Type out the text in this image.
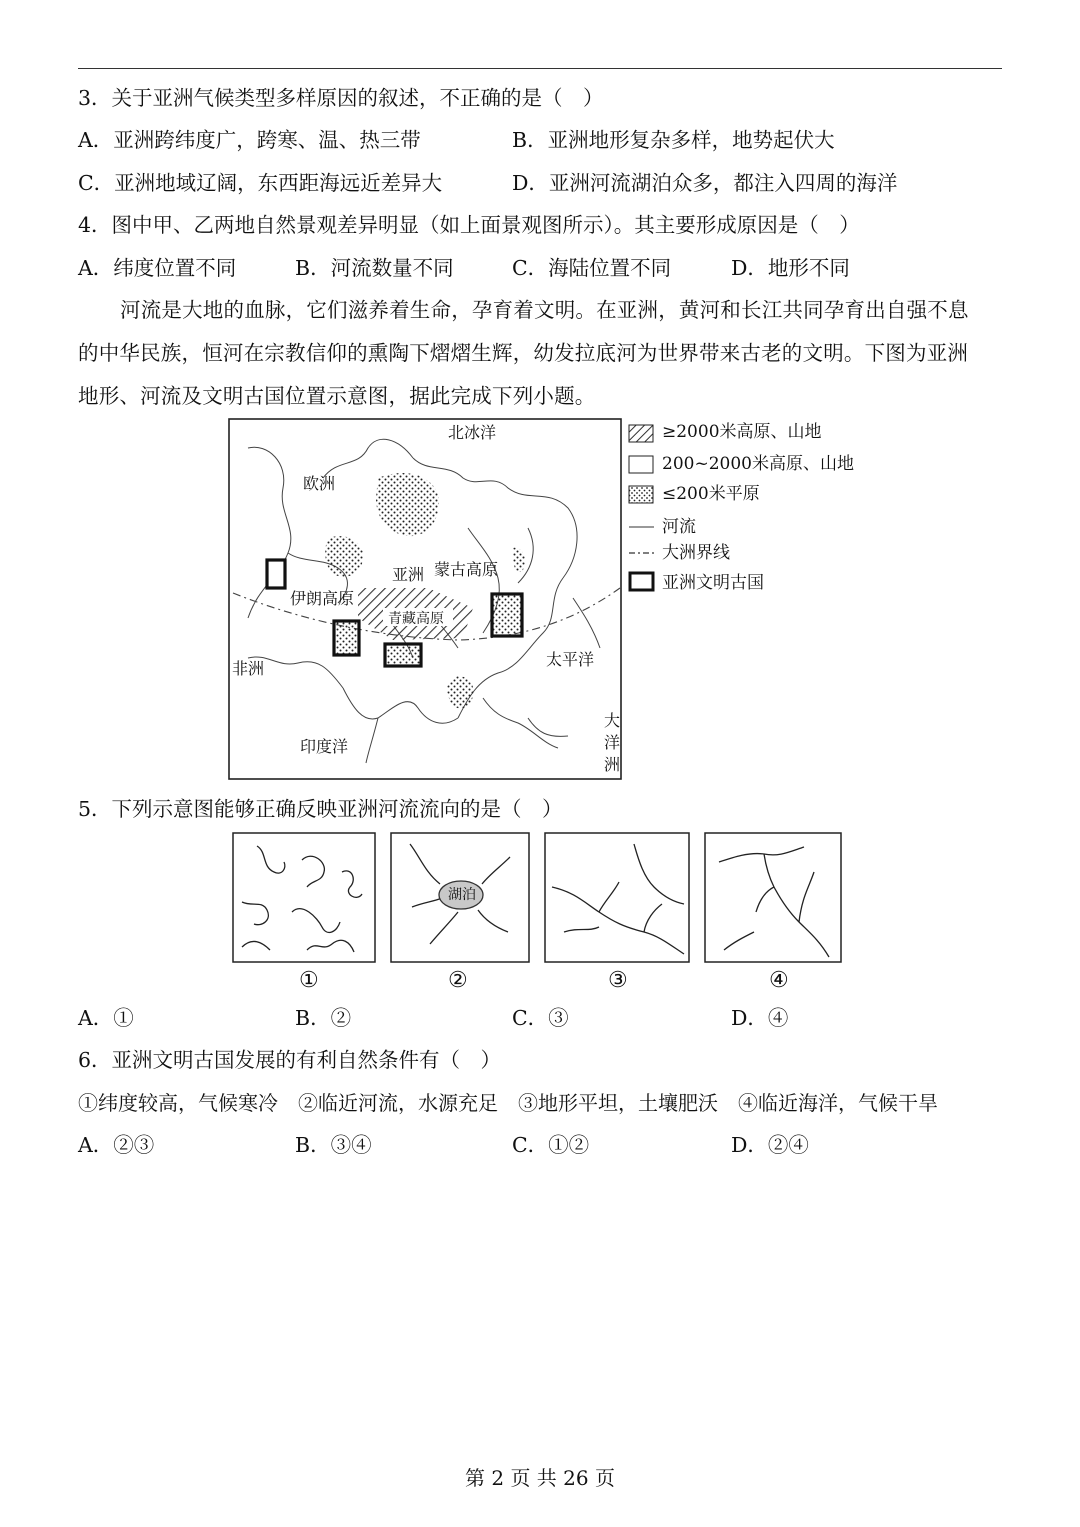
3．关于亚洲气候类型多样原因的叙述，不正确的是（　）
A．亚洲跨纬度广，跨寒、温、热三带	B．亚洲地形复杂多样，地势起伏大
C．亚洲地域辽阔，东西距海远近差异大	D．亚洲河流湖泊众多，都注入四周的海洋
4．图中甲、乙两地自然景观差异明显（如上面景观图所示）。其主要形成原因是（　）
A．纬度位置不同	B．河流数量不同	C．海陆位置不同	D．地形不同
河流是大地的血脉，它们滋养着生命，孕育着文明。在亚洲，黄河和长江共同孕育出自强不息
的中华民族，恒河在宗教信仰的熏陶下熠熠生辉，幼发拉底河为世界带来古老的文明。下图为亚洲
地形、河流及文明古国位置示意图，据此完成下列小题。
北冰洋
欧洲
亚洲 蒙古高原
伊朗高原
青藏高原
非洲	太平洋
印度洋
大
洋
洲
≥2000米高原、山地
200~2000米高原、山地
≤200米平原
河流
大洲界线
亚洲文明古国
5．下列示意图能够正确反映亚洲河流流向的是（　）
湖泊
①	②	③	④
A．①	B．②	C．③	D．④
6．亚洲文明古国发展的有利自然条件有（　）
①纬度较高，气候寒冷　②临近河流，水源充足　③地形平坦，土壤肥沃　④临近海洋，气候干旱
A．②③	B．③④	C．①②	D．②④
第 2 页 共 26 页
